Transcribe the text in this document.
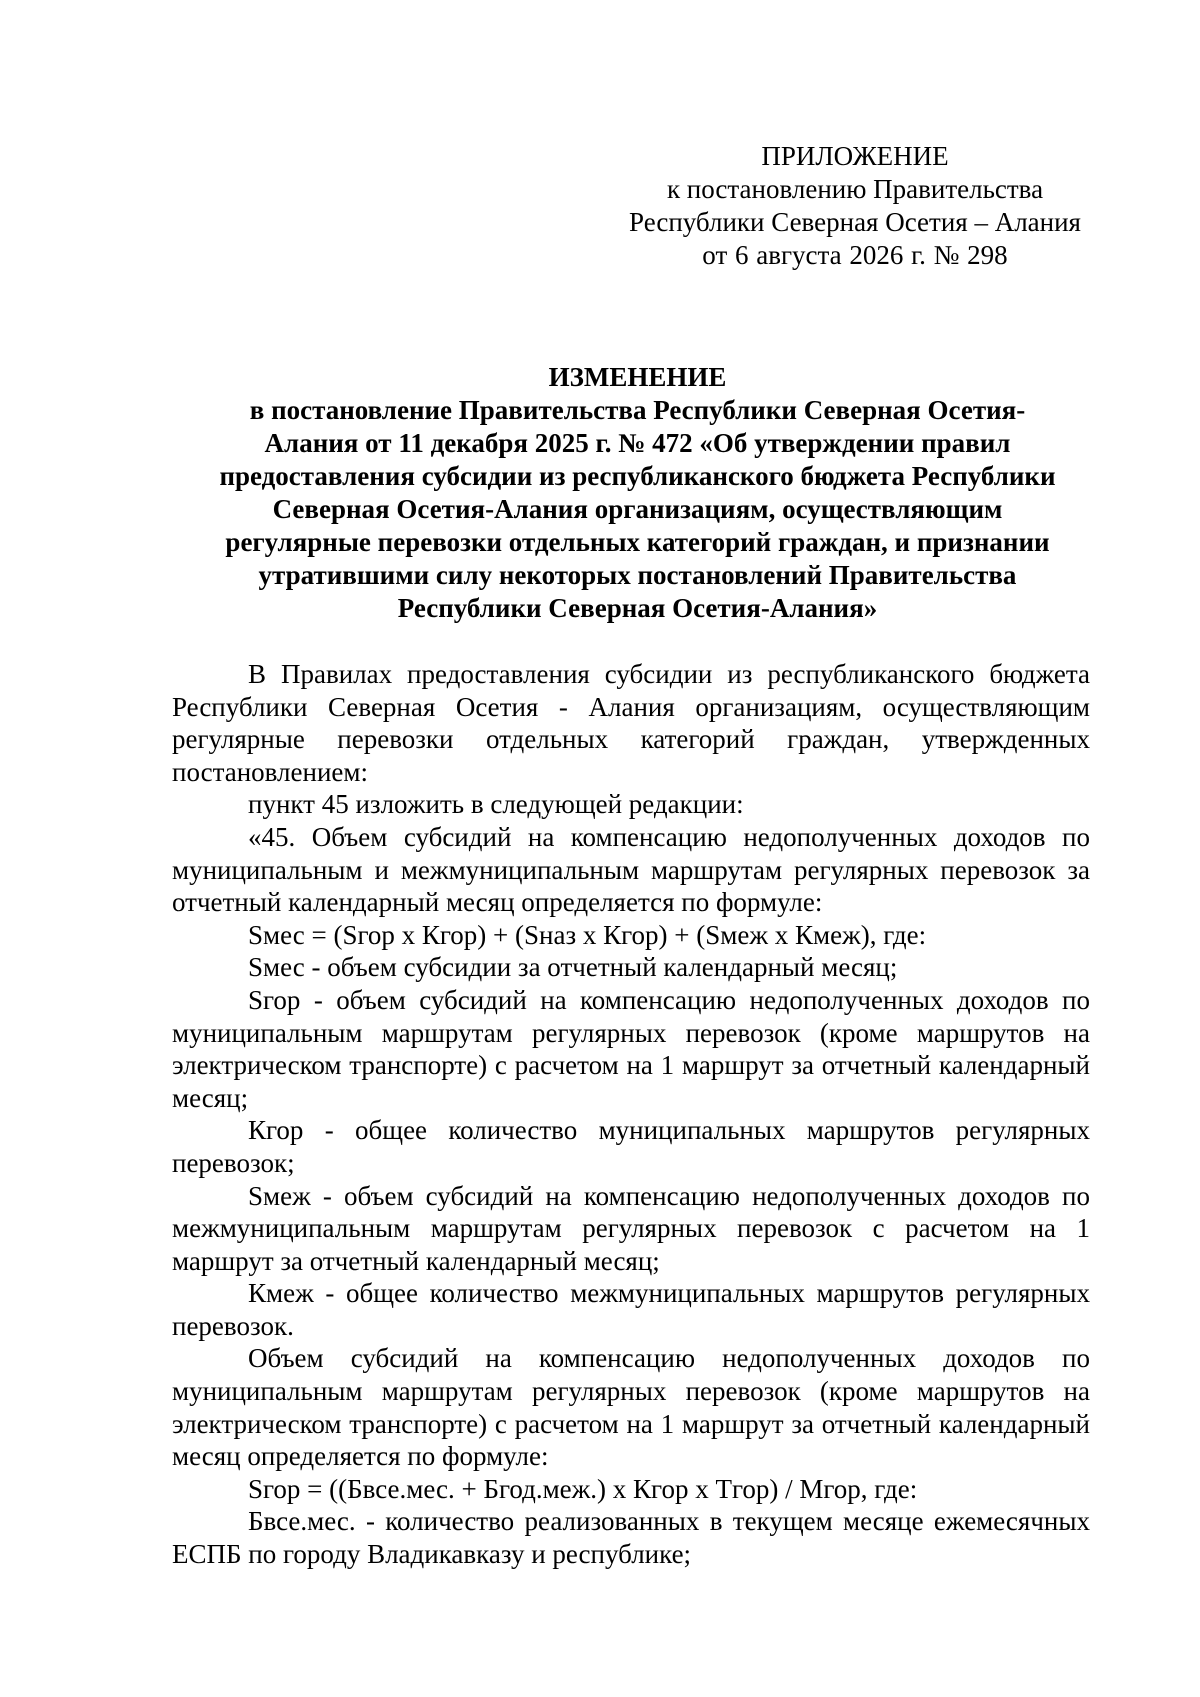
ПРИЛОЖЕНИЕ
к постановлению Правительства
Республики Северная Осетия – Алания
от 6 августа 2026 г. № 298
ИЗМЕНЕНИЕ
в постановление Правительства Республики Северная Осетия-
Алания от 11 декабря 2025 г. № 472 «Об утверждении правил
предоставления субсидии из республиканского бюджета Республики
Северная Осетия-Алания организациям, осуществляющим
регулярные перевозки отдельных категорий граждан, и признании
утратившими силу некоторых постановлений Правительства
Республики Северная Осетия-Алания»

В Правилах предоставления субсидии из республиканского бюджета Республики Северная Осетия - Алания организациям, осуществляющим регулярные перевозки отдельных категорий граждан, утвержденных постановлением:

пункт 45 изложить в следующей редакции:

«45. Объем субсидий на компенсацию недополученных доходов по муниципальным и межмуниципальным маршрутам регулярных перевозок за отчетный календарный месяц определяется по формуле:

Sмес = (Sгор х Кгор) + (Sназ х Кгор) + (Sмеж х Кмеж), где:

Sмес - объем субсидии за отчетный календарный месяц;

Sгор - объем субсидий на компенсацию недополученных доходов по муниципальным маршрутам регулярных перевозок (кроме маршрутов на электрическом транспорте) с расчетом на 1 маршрут за отчетный календарный месяц;

Кгор - общее количество муниципальных маршрутов регулярных перевозок;

Sмеж - объем субсидий на компенсацию недополученных доходов по межмуниципальным маршрутам регулярных перевозок с расчетом на 1 маршрут за отчетный календарный месяц;

Кмеж - общее количество межмуниципальных маршрутов регулярных перевозок.

Объем субсидий на компенсацию недополученных доходов по муниципальным маршрутам регулярных перевозок (кроме маршрутов на электрическом транспорте) с расчетом на 1 маршрут за отчетный календарный месяц определяется по формуле:

Sгор = ((Бвсе.мес. + Бгод.меж.) х Кгор х Тгор) / Мгор, где:

Бвсе.мес. - количество реализованных в текущем месяце ежемесячных ЕСПБ по городу Владикавказу и республике;
